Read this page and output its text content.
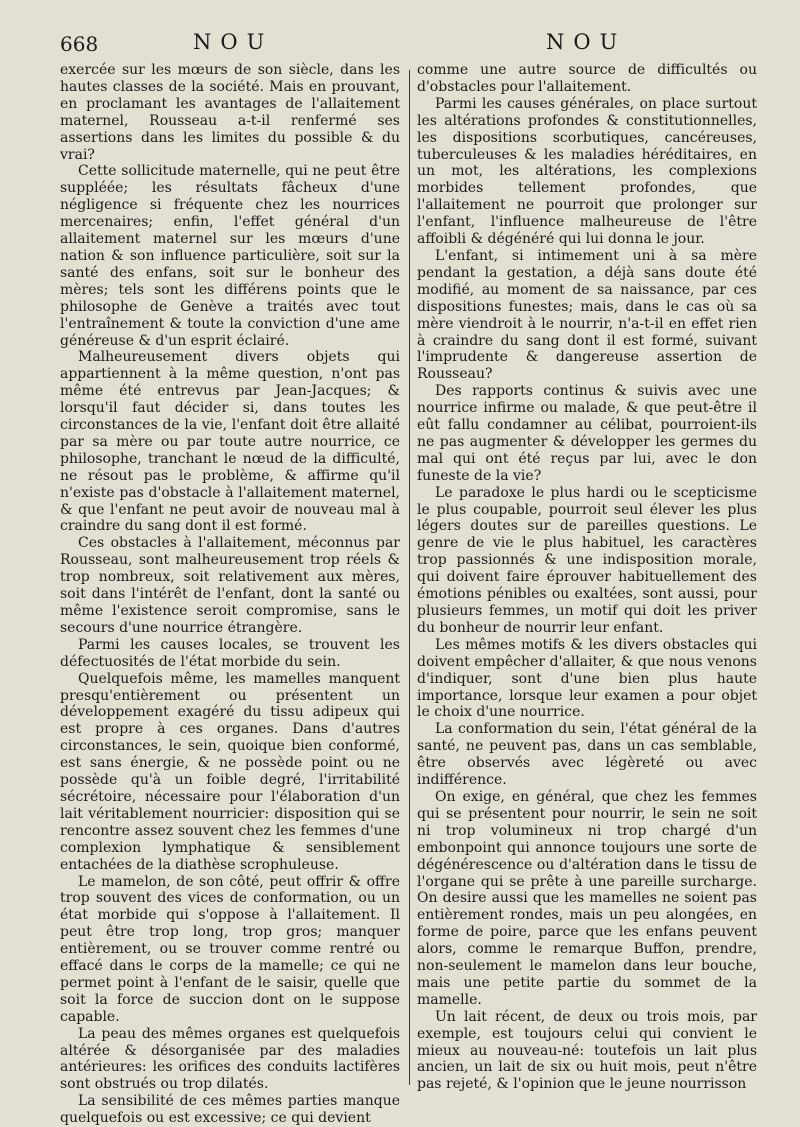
668	NOU	NOU

exercée sur les mœurs de son siècle, dans les hautes classes de la société. Mais en prouvant, en proclamant les avantages de l'allaitement maternel, Rousseau a-t-il renfermé ses assertions dans les limites du possible & du vrai?

Cette sollicitude maternelle, qui ne peut être suppléée; les résultats fâcheux d'une négligence si fréquente chez les nourrices mercenaires; enfin, l'effet général d'un allaitement maternel sur les mœurs d'une nation & son influence particulière, soit sur la santé des enfans, soit sur le bonheur des mères; tels sont les différens points que le philosophe de Genève a traités avec tout l'entraînement & toute la conviction d'une ame généreuse & d'un esprit éclairé.

Malheureusement divers objets qui appartiennent à la même question, n'ont pas même été entrevus par Jean-Jacques; & lorsqu'il faut décider si, dans toutes les circonstances de la vie, l'enfant doit être allaité par sa mère ou par toute autre nourrice, ce philosophe, tranchant le nœud de la difficulté, ne résout pas le problème, & affirme qu'il n'existe pas d'obstacle à l'allaitement maternel, & que l'enfant ne peut avoir de nouveau mal à craindre du sang dont il est formé.

Ces obstacles à l'allaitement, méconnus par Rousseau, sont malheureusement trop réels & trop nombreux, soit relativement aux mères, soit dans l'intérêt de l'enfant, dont la santé ou même l'existence seroit compromise, sans le secours d'une nourrice étrangère.

Parmi les causes locales, se trouvent les défectuosités de l'état morbide du sein.

Quelquefois même, les mamelles manquent presqu'entièrement ou présentent un développement exagéré du tissu adipeux qui est propre à ces organes. Dans d'autres circonstances, le sein, quoique bien conformé, est sans énergie, & ne possède point ou ne possède qu'à un foible degré, l'irritabilité sécrétoire, nécessaire pour l'élaboration d'un lait véritablement nourricier: disposition qui se rencontre assez souvent chez les femmes d'une complexion lymphatique & sensiblement entachées de la diathèse scrophuleuse.

Le mamelon, de son côté, peut offrir & offre trop souvent des vices de conformation, ou un état morbide qui s'oppose à l'allaitement. Il peut être trop long, trop gros; manquer entièrement, ou se trouver comme rentré ou effacé dans le corps de la mamelle; ce qui ne permet point à l'enfant de le saisir, quelle que soit la force de succion dont on le suppose capable.

La peau des mêmes organes est quelquefois altérée & désorganisée par des maladies antérieures: les orifices des conduits lactifères sont obstrués ou trop dilatés.

La sensibilité de ces mêmes parties manque quelquefois ou est excessive; ce qui devient

comme une autre source de difficultés ou d'obstacles pour l'allaitement.

Parmi les causes générales, on place surtout les altérations profondes & constitutionnelles, les dispositions scorbutiques, cancéreuses, tuberculeuses & les maladies héréditaires, en un mot, les altérations, les complexions morbides tellement profondes, que l'allaitement ne pourroit que prolonger sur l'enfant, l'influence malheureuse de l'être affoibli & dégénéré qui lui donna le jour.

L'enfant, si intimement uni à sa mère pendant la gestation, a déjà sans doute été modifié, au moment de sa naissance, par ces dispositions funestes; mais, dans le cas où sa mère viendroit à le nourrir, n'a-t-il en effet rien à craindre du sang dont il est formé, suivant l'imprudente & dangereuse assertion de Rousseau?

Des rapports continus & suivis avec une nourrice infirme ou malade, & que peut-être il eût fallu condamner au célibat, pourroient-ils ne pas augmenter & développer les germes du mal qui ont été reçus par lui, avec le don funeste de la vie?

Le paradoxe le plus hardi ou le scepticisme le plus coupable, pourroit seul élever les plus légers doutes sur de pareilles questions. Le genre de vie le plus habituel, les caractères trop passionnés & une indisposition morale, qui doivent faire éprouver habituellement des émotions pénibles ou exaltées, sont aussi, pour plusieurs femmes, un motif qui doit les priver du bonheur de nourrir leur enfant.

Les mêmes motifs & les divers obstacles qui doivent empêcher d'allaiter, & que nous venons d'indiquer, sont d'une bien plus haute importance, lorsque leur examen a pour objet le choix d'une nourrice.

La conformation du sein, l'état général de la santé, ne peuvent pas, dans un cas semblable, être observés avec légèreté ou avec indifférence.

On exige, en général, que chez les femmes qui se présentent pour nourrir, le sein ne soit ni trop volumineux ni trop chargé d'un embonpoint qui annonce toujours une sorte de dégénérescence ou d'altération dans le tissu de l'organe qui se prête à une pareille surcharge. On desire aussi que les mamelles ne soient pas entièrement rondes, mais un peu alongées, en forme de poire, parce que les enfans peuvent alors, comme le remarque Buffon, prendre, non-seulement le mamelon dans leur bouche, mais une petite partie du sommet de la mamelle.

Un lait récent, de deux ou trois mois, par exemple, est toujours celui qui convient le mieux au nouveau-né: toutefois un lait plus ancien, un lait de six ou huit mois, peut n'être pas rejeté, & l'opinion que le jeune nourrisson
